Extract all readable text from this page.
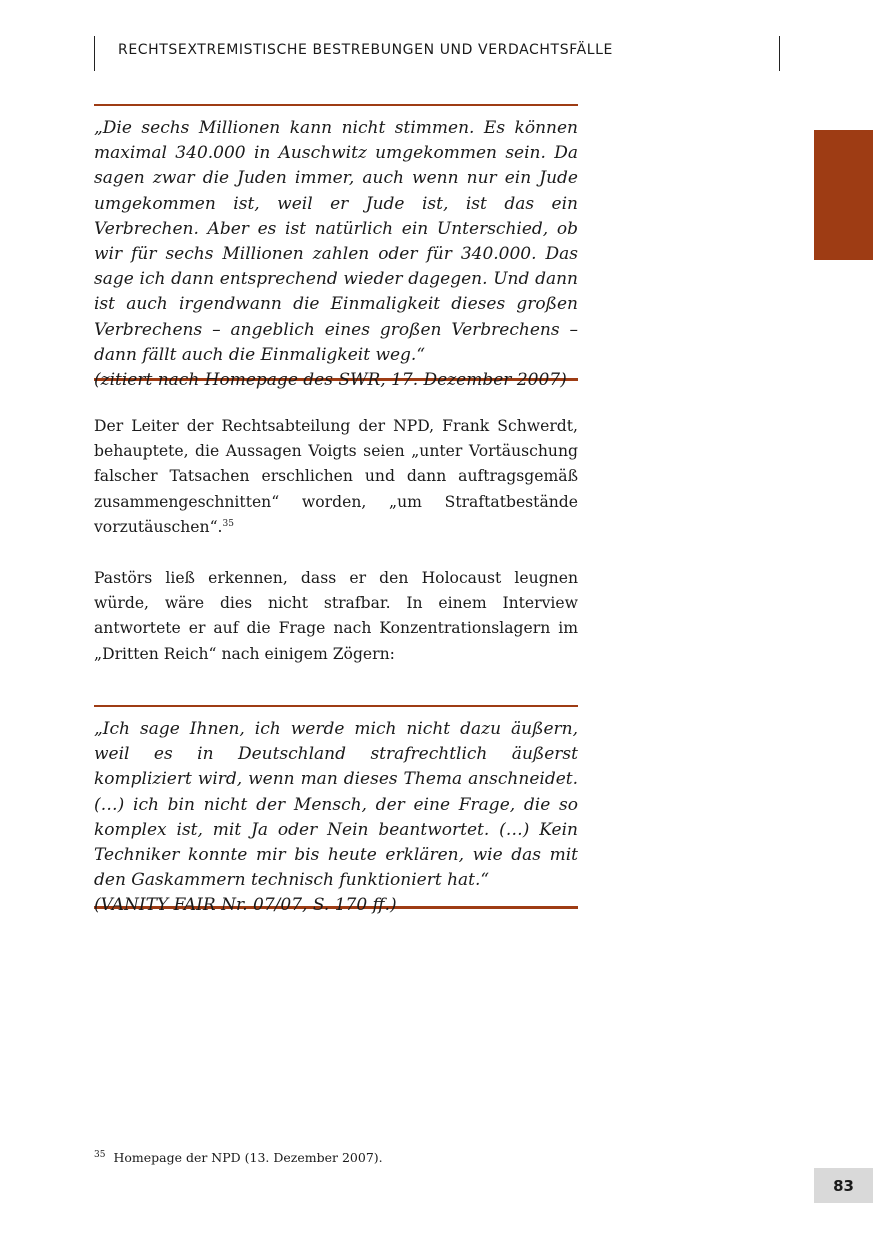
RECHTSEXTREMISTISCHE BESTREBUNGEN UND VERDACHTSFÄLLE

„Die sechs Millionen kann nicht stimmen. Es können maximal 340.000 in Auschwitz umgekommen sein. Da sagen zwar die Juden immer, auch wenn nur ein Jude umgekommen ist, weil er Jude ist, ist das ein Verbrechen. Aber es ist natürlich ein Unterschied, ob wir für sechs Millionen zahlen oder für 340.000. Das sage ich dann entsprechend wieder dagegen. Und dann ist auch irgendwann die Einmaligkeit dieses großen Verbrechens – angeblich eines großen Verbrechens – dann fällt auch die Einmaligkeit weg.“

(zitiert nach Homepage des SWR, 17. Dezember 2007)

Der Leiter der Rechtsabteilung der NPD, Frank Schwerdt, behauptete, die Aussagen Voigts seien „unter Vortäuschung falscher Tatsachen erschlichen und dann auftragsgemäß zusammengeschnitten“ worden, „um Straftatbestände vorzutäuschen“.$^{35}$

Pastörs ließ erkennen, dass er den Holocaust leugnen würde, wäre dies nicht strafbar. In einem Interview antwortete er auf die Frage nach Konzentrationslagern im „Dritten Reich“ nach einigem Zögern:

„Ich sage Ihnen, ich werde mich nicht dazu äußern, weil es in Deutschland strafrechtlich äußerst kompliziert wird, wenn man dieses Thema anschneidet. (…) ich bin nicht der Mensch, der eine Frage, die so komplex ist, mit Ja oder Nein beantwortet. (…) Kein Techniker konnte mir bis heute erklären, wie das mit den Gaskammern technisch funktioniert hat.“

(VANITY FAIR Nr. 07/07, S. 170 ff.)

$^{35}$ Homepage der NPD (13. Dezember 2007).
83
